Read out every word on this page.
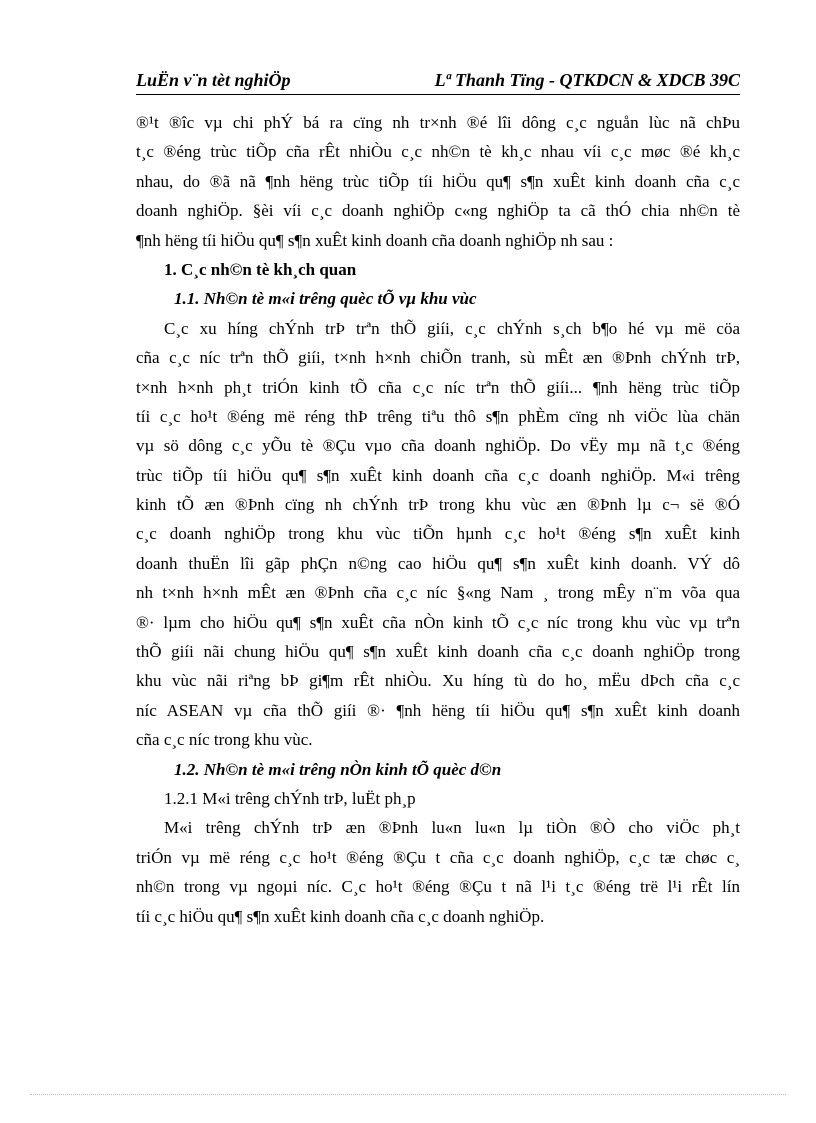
LuËn v¨n tèt nghiÖp	Lª Thanh Tïng - QTKDCN & XDCB 39C
®¹t ®îc vµ chi phÝ bá ra cïng nh tr×nh ®é lîi dông c¸c nguån lùc nã chÞu
t¸c ®éng trùc tiÕp cña rÊt nhiÒu c¸c nh©n tè kh¸c nhau víi c¸c møc ®é kh¸c
nhau, do ®ã nã ¶nh hëng trùc tiÕp tíi hiÖu qu¶ s¶n xuÊt kinh doanh cña c¸c
doanh nghiÖp. §èi víi c¸c doanh nghiÖp c«ng nghiÖp ta cã thÓ chia nh©n tè
¶nh hëng tíi hiÖu qu¶ s¶n xuÊt kinh doanh cña doanh nghiÖp nh sau :
1. C¸c nh©n tè kh¸ch quan
1.1. Nh©n tè m«i trêng quèc tÕ vµ khu vùc
C¸c xu híng chÝnh trÞ trªn thÕ giíi, c¸c chÝnh s¸ch b¶o hé vµ më cöa
cña c¸c níc trªn thÕ giíi, t×nh h×nh chiÕn tranh, sù mÊt æn ®Þnh chÝnh trÞ,
t×nh h×nh ph¸t triÓn kinh tÕ cña c¸c níc trªn thÕ giíi... ¶nh hëng trùc tiÕp
tíi c¸c ho¹t ®éng më réng thÞ trêng tiªu thô s¶n phÈm cïng nh viÖc lùa chän
vµ sö dông c¸c yÕu tè ®Çu vµo cña doanh nghiÖp. Do vËy mµ nã t¸c ®éng
trùc tiÕp tíi hiÖu qu¶ s¶n xuÊt kinh doanh cña c¸c doanh nghiÖp. M«i trêng
kinh tÕ æn ®Þnh cïng nh chÝnh trÞ trong khu vùc æn ®Þnh lµ c¬ së ®Ó
c¸c doanh nghiÖp trong khu vùc tiÕn hµnh c¸c ho¹t ®éng s¶n xuÊt kinh
doanh thuËn lîi gãp phÇn n©ng cao hiÖu qu¶ s¶n xuÊt kinh doanh. VÝ dô
nh t×nh h×nh mÊt æn ®Þnh cña c¸c níc §«ng Nam ¸ trong mÊy n¨m võa qua
®· lµm cho hiÖu qu¶ s¶n xuÊt cña nÒn kinh tÕ c¸c níc trong khu vùc vµ trªn
thÕ giíi nãi chung hiÖu qu¶ s¶n xuÊt kinh doanh cña c¸c doanh nghiÖp trong
khu vùc nãi riªng bÞ gi¶m rÊt nhiÒu. Xu híng tù do ho¸ mËu dÞch cña c¸c
níc ASEAN vµ cña thÕ giíi ®· ¶nh hëng tíi hiÖu qu¶ s¶n xuÊt kinh doanh
cña c¸c níc trong khu vùc.
1.2. Nh©n tè m«i trêng nÒn kinh tÕ quèc d©n
1.2.1 M«i trêng chÝnh trÞ, luËt ph¸p
M«i trêng chÝnh trÞ æn ®Þnh lu«n lu«n lµ tiÒn ®Ò cho viÖc ph¸t
triÓn vµ më réng c¸c ho¹t ®éng ®Çu t cña c¸c doanh nghiÖp, c¸c tæ chøc c¸
nh©n trong vµ ngoµi níc. C¸c ho¹t ®éng ®Çu t nã l¹i t¸c ®éng trë l¹i rÊt lín
tíi c¸c hiÖu qu¶ s¶n xuÊt kinh doanh cña c¸c doanh nghiÖp.
